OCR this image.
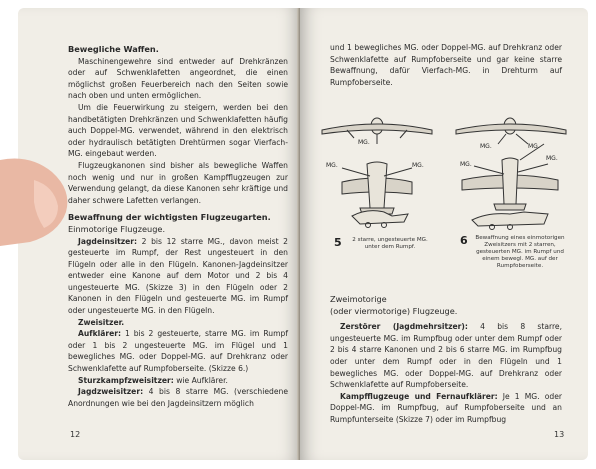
Bewegliche Waffen.
Maschinengewehre sind entweder auf Drehkränzen oder auf Schwenklafetten angeordnet, die einen möglichst großen Feuerbereich nach den Seiten sowie nach oben und unten ermöglichen.
Um die Feuerwirkung zu steigern, werden bei den handbetätigten Drehkränzen und Schwenklafetten häufig auch Doppel-MG. verwendet, während in den elektrisch oder hydraulisch betätigten Drehtürmen sogar Vierfach-MG. eingebaut werden.
Flugzeugkanonen sind bisher als bewegliche Waffen noch wenig und nur in großen Kampfflugzeugen zur Verwendung gelangt, da diese Kanonen sehr kräftige und daher schwere Lafetten verlangen.
Bewaffnung der wichtigsten Flugzeugarten.
Einmotorige Flugzeuge.
Jagdeinsitzer: 2 bis 12 starre MG., davon meist 2 gesteuerte im Rumpf, der Rest ungesteuert in den Flügeln oder alle in den Flügeln. Kanonen-Jagdeinsitzer entweder eine Kanone auf dem Motor und 2 bis 4 ungesteuerte MG. (Skizze 3) in den Flügeln oder 2 Kanonen in den Flügeln und gesteuerte MG. im Rumpf oder ungesteuerte MG. in den Flügeln.
Zweisitzer.
Aufklärer: 1 bis 2 gesteuerte, starre MG. im Rumpf oder 1 bis 2 ungesteuerte MG. im Flügel und 1 bewegliches MG. oder Doppel-MG. auf Drehkranz oder Schwenklafette auf Rumpfoberseite. (Skizze 6.)
Sturzkampfzweisitzer: wie Aufklärer.
Jagdzweisitzer: 4 bis 8 starre MG. (verschiedene Anordnungen wie bei den Jagdeinsitzern möglich
12
und 1 bewegliches MG. oder Doppel-MG. auf Drehkranz oder Schwenklafette auf Rumpfoberseite und gar keine starre Bewaffnung, dafür Vierfach-MG. in Drehturm auf Rumpfoberseite.
MG.
MG.	MG.
5	2 starre, ungesteuerte MG. unter dem Rumpf.
MG.	MG.
MG.
MG.
6	Bewaffnung eines einmotorigen Zweisitzers mit 2 starren, gesteuerten MG. im Rumpf und einem bewegl. MG. auf der Rumpfoberseite.
Zweimotorige
(oder viermotorige) Flugzeuge.
Zerstörer (Jagdmehrsitzer): 4 bis 8 starre, ungesteuerte MG. im Rumpfbug oder unter dem Rumpf oder 2 bis 4 starre Kanonen und 2 bis 6 starre MG. im Rumpfbug oder unter dem Rumpf oder in den Flügeln und 1 bewegliches MG. oder Doppel-MG. auf Drehkranz oder Schwenklafette auf Rumpfoberseite.
Kampfflugzeuge und Fernaufklärer: Je 1 MG. oder Doppel-MG. im Rumpfbug, auf Rumpfoberseite und an Rumpfunterseite (Skizze 7) oder im Rumpfbug
13
